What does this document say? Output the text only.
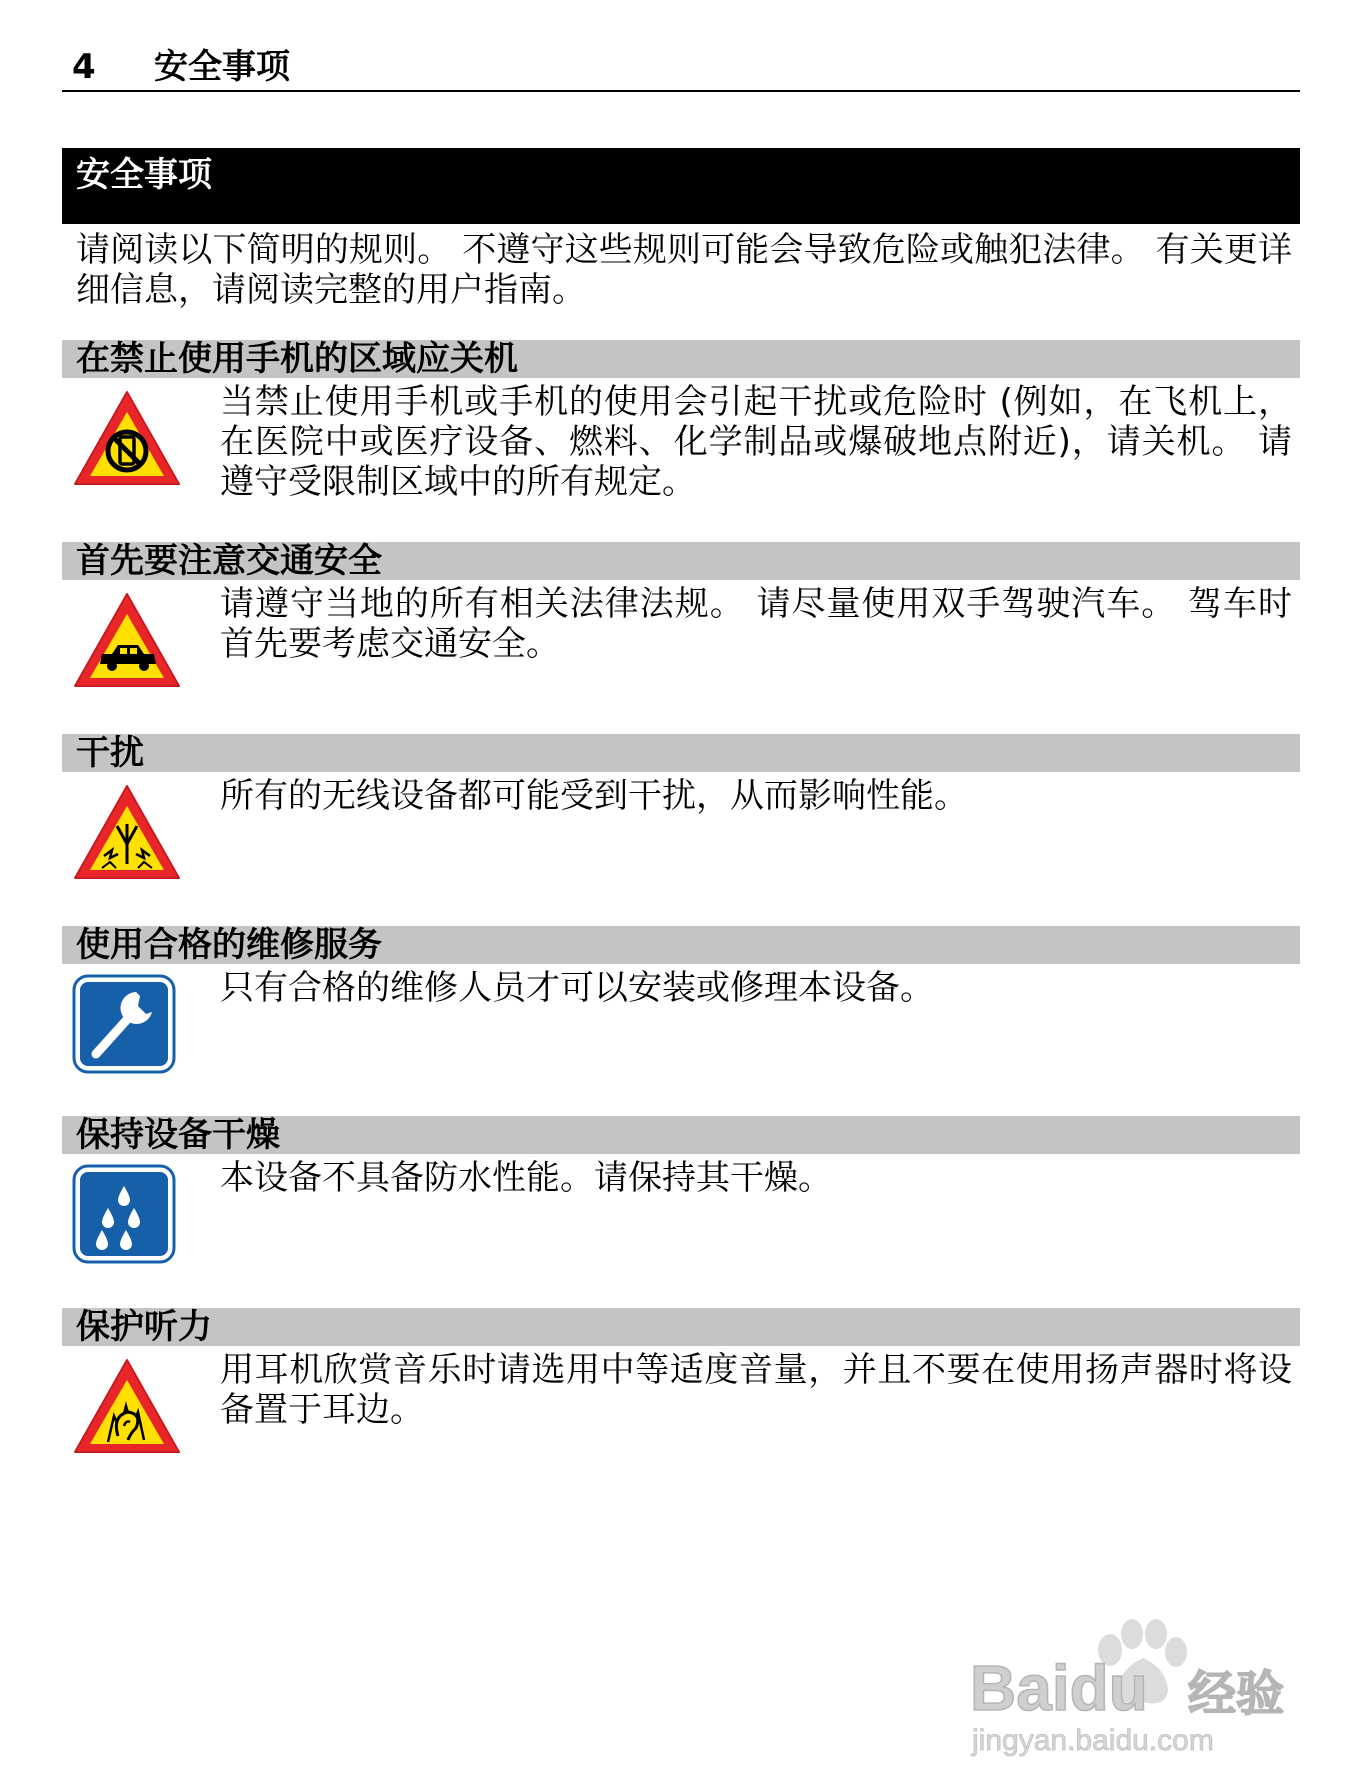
4 安全事项
安全事项
请阅读以下简明的规则。 不遵守这些规则可能会导致危险或触犯法律。 有关更详细信息，请阅读完整的用户指南。
在禁止使用手机的区域应关机
当禁止使用手机或手机的使用会引起干扰或危险时 (例如，在飞机上，在医院中或医疗设备、燃料、化学制品或爆破地点附近)，请关机。 请遵守受限制区域中的所有规定。
首先要注意交通安全
请遵守当地的所有相关法律法规。 请尽量使用双手驾驶汽车。 驾车时首先要考虑交通安全。
干扰
所有的无线设备都可能受到干扰，从而影响性能。
使用合格的维修服务
只有合格的维修人员才可以安装或修理本设备。
保持设备干燥
本设备不具备防水性能。请保持其干燥。
保护听力
用耳机欣赏音乐时请选用中等适度音量，并且不要在使用扬声器时将设备置于耳边。
Baidu 经验
jingyan.baidu.com
